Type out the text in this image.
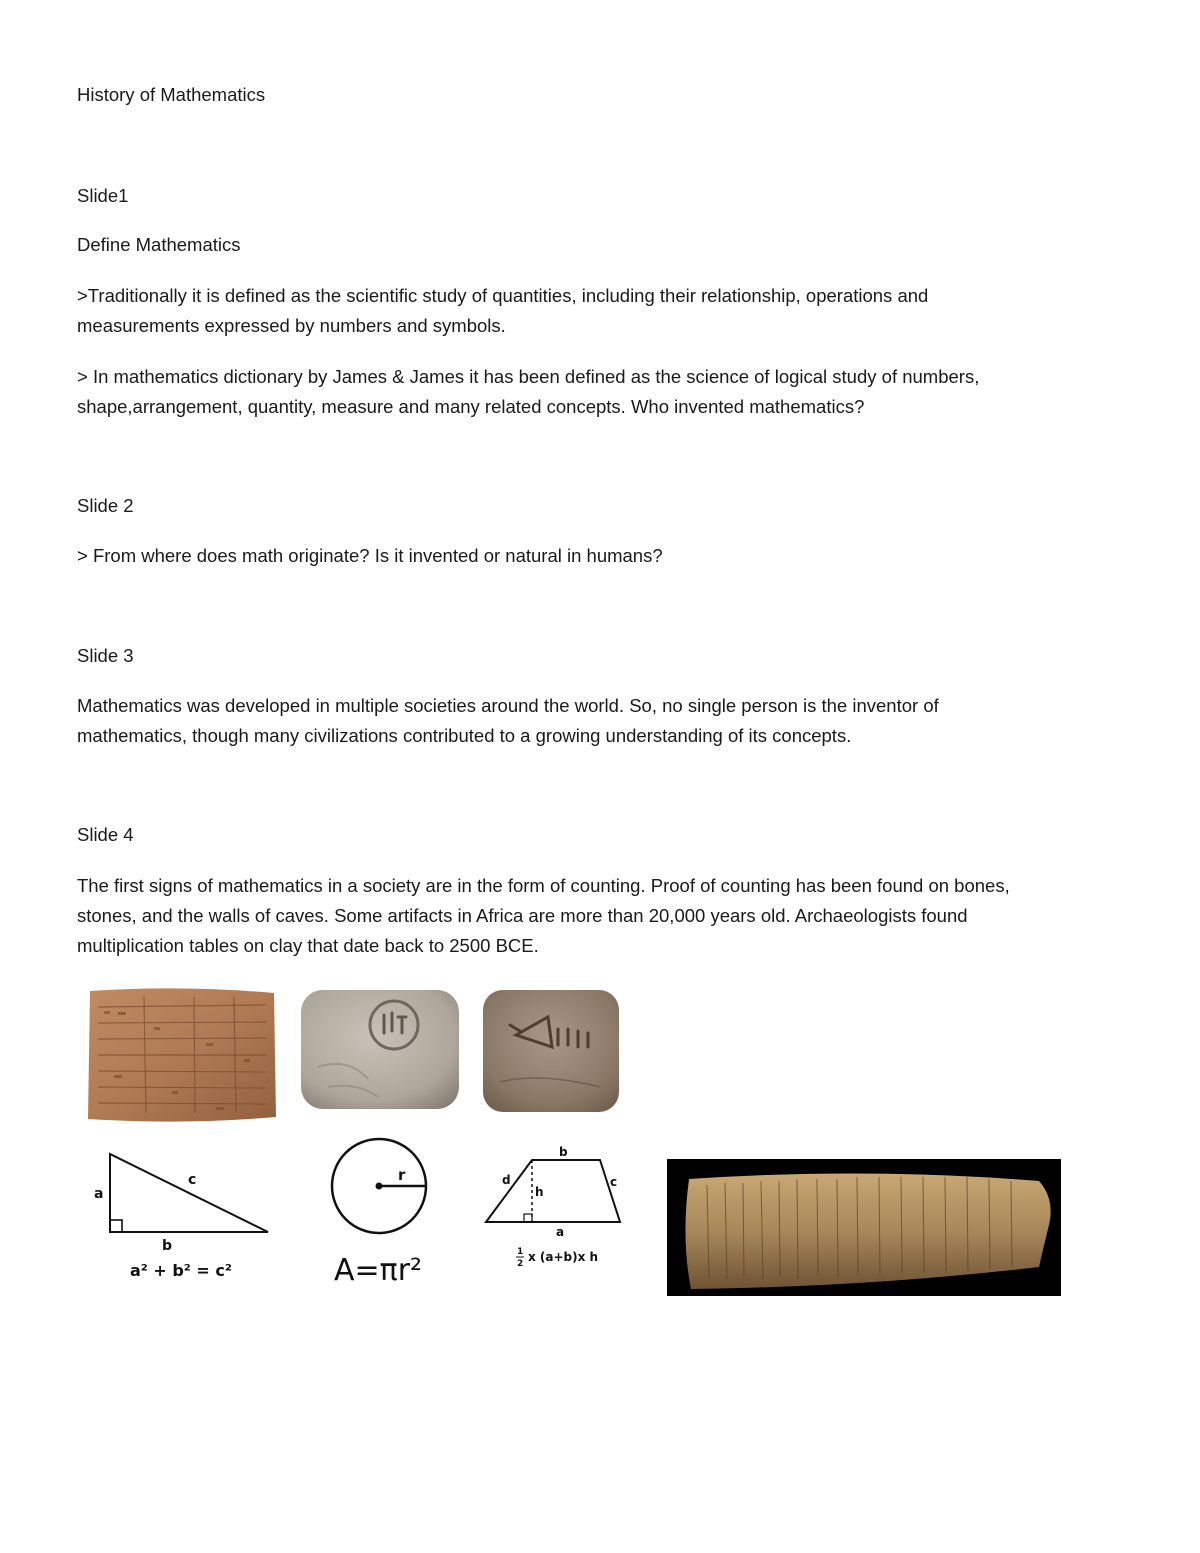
History of Mathematics
Slide1
Define Mathematics
>Traditionally it is defined as the scientific study of quantities, including their relationship, operations and
measurements expressed by numbers and symbols.
> In mathematics dictionary by James & James it has been defined as the science of logical study of numbers,
shape,arrangement, quantity, measure and many related concepts. Who invented mathematics?
Slide 2
> From where does math originate? Is it invented or natural in humans?
Slide 3
Mathematics was developed in multiple societies around the world. So, no single person is the inventor of
mathematics, though many civilizations contributed to a growing understanding of its concepts.
Slide 4
The first signs of mathematics in a society are in the form of counting. Proof of counting has been found on bones,
stones, and the walls of caves. Some artifacts in Africa are more than 20,000 years old. Archaeologists found
multiplication tables on clay that date back to 2500 BCE.
a
c
b
a² + b² = c²
r
A=πr²
b
d
h
c
a
1
2 x (a+b)x h
